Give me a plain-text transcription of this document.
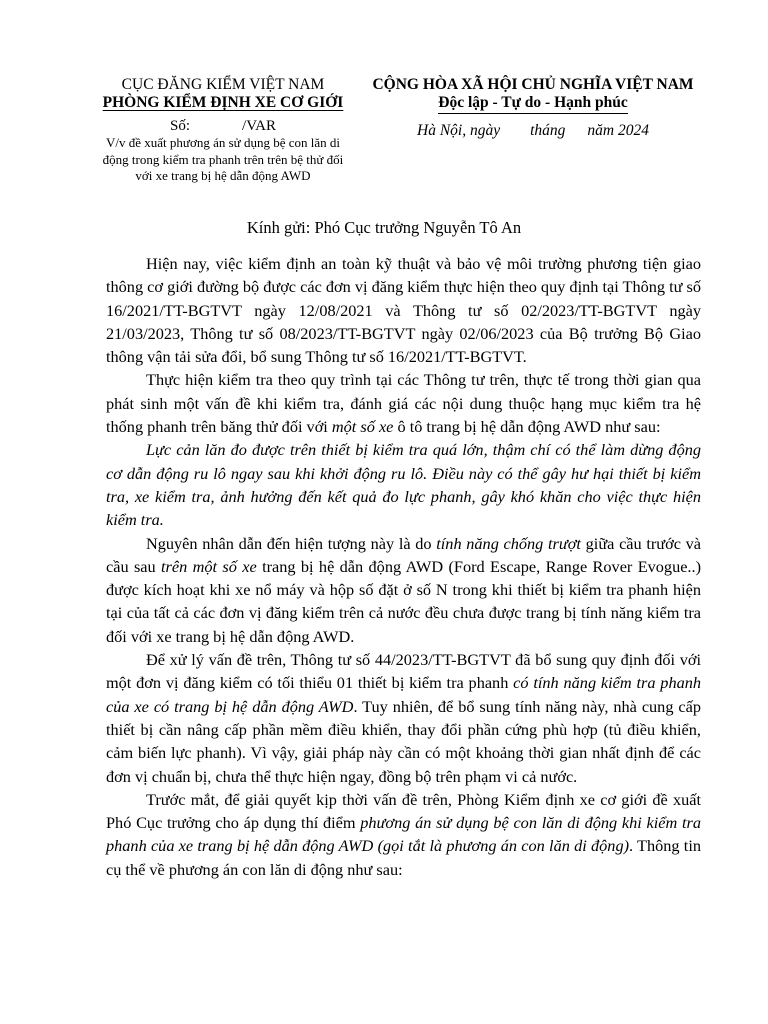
CỤC ĐĂNG KIỂM VIỆT NAM
PHÒNG KIỂM ĐỊNH XE CƠ GIỚI
Số:	/VAR
V/v đề xuất phương án sử dụng bệ con lăn di động trong kiểm tra phanh trên trên bệ thử đối với xe trang bị hệ dẫn động AWD
CỘNG HÒA XÃ HỘI CHỦ NGHĨA VIỆT NAM
Độc lập - Tự do - Hạnh phúc
Hà Nội, ngày tháng năm 2024
Kính gửi: Phó Cục trưởng Nguyễn Tô An

Hiện nay, việc kiểm định an toàn kỹ thuật và bảo vệ môi trường phương tiện giao thông cơ giới đường bộ được các đơn vị đăng kiểm thực hiện theo quy định tại Thông tư số 16/2021/TT-BGTVT ngày 12/08/2021 và Thông tư số 02/2023/TT-BGTVT ngày 21/03/2023, Thông tư số 08/2023/TT-BGTVT ngày 02/06/2023 của Bộ trưởng Bộ Giao thông vận tải sửa đổi, bổ sung Thông tư số 16/2021/TT-BGTVT.

Thực hiện kiểm tra theo quy trình tại các Thông tư trên, thực tế trong thời gian qua phát sinh một vấn đề khi kiểm tra, đánh giá các nội dung thuộc hạng mục kiểm tra hệ thống phanh trên băng thử đối với một số xe ô tô trang bị hệ dẫn động AWD như sau:

Lực cản lăn đo được trên thiết bị kiểm tra quá lớn, thậm chí có thể làm dừng động cơ dẫn động ru lô ngay sau khi khởi động ru lô. Điều này có thể gây hư hại thiết bị kiểm tra, xe kiểm tra, ảnh hưởng đến kết quả đo lực phanh, gây khó khăn cho việc thực hiện kiểm tra.

Nguyên nhân dẫn đến hiện tượng này là do tính năng chống trượt giữa cầu trước và cầu sau trên một số xe trang bị hệ dẫn động AWD (Ford Escape, Range Rover Evogue..) được kích hoạt khi xe nổ máy và hộp số đặt ở số N trong khi thiết bị kiểm tra phanh hiện tại của tất cả các đơn vị đăng kiểm trên cả nước đều chưa được trang bị tính năng kiểm tra đối với xe trang bị hệ dẫn động AWD.

Để xử lý vấn đề trên, Thông tư số 44/2023/TT-BGTVT đã bổ sung quy định đối với một đơn vị đăng kiểm có tối thiểu 01 thiết bị kiểm tra phanh có tính năng kiểm tra phanh của xe có trang bị hệ dẫn động AWD. Tuy nhiên, để bổ sung tính năng này, nhà cung cấp thiết bị cần nâng cấp phần mềm điều khiển, thay đổi phần cứng phù hợp (tủ điều khiển, cảm biến lực phanh). Vì vậy, giải pháp này cần có một khoảng thời gian nhất định để các đơn vị chuẩn bị, chưa thể thực hiện ngay, đồng bộ trên phạm vi cả nước.

Trước mắt, để giải quyết kịp thời vấn đề trên, Phòng Kiểm định xe cơ giới đề xuất Phó Cục trưởng cho áp dụng thí điểm phương án sử dụng bệ con lăn di động khi kiểm tra phanh của xe trang bị hệ dẫn động AWD (gọi tắt là phương án con lăn di động). Thông tin cụ thể về phương án con lăn di động như sau:
